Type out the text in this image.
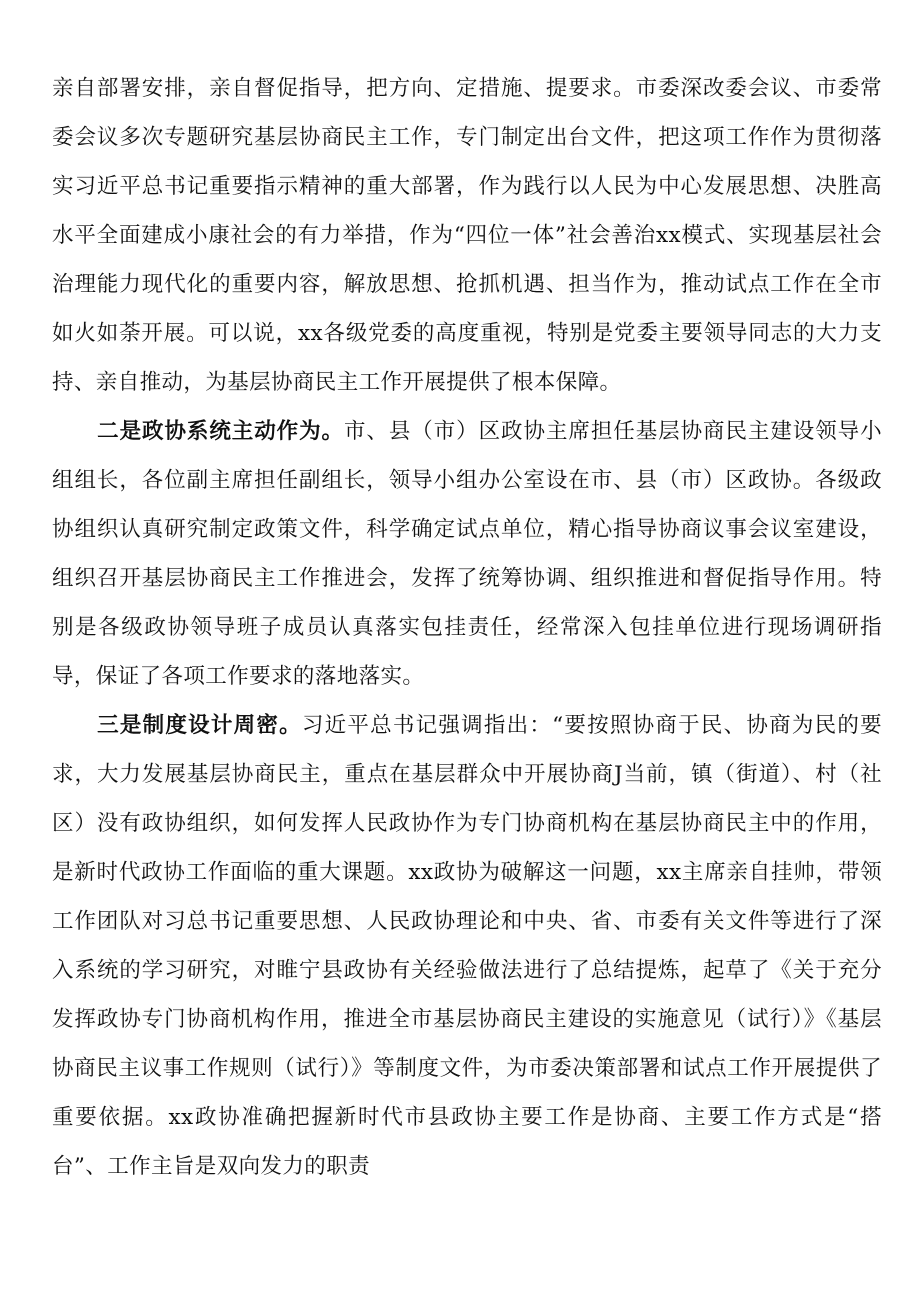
亲自部署安排，亲自督促指导，把方向、定措施、提要求。市委深改委会议、市委常委会议多次专题研究基层协商民主工作，专门制定出台文件，把这项工作作为贯彻落实习近平总书记重要指示精神的重大部署，作为践行以人民为中心发展思想、决胜高水平全面建成小康社会的有力举措，作为“四位一体”社会善治xx模式、实现基层社会治理能力现代化的重要内容，解放思想、抢抓机遇、担当作为，推动试点工作在全市如火如荼开展。可以说，xx各级党委的高度重视，特别是党委主要领导同志的大力支持、亲自推动，为基层协商民主工作开展提供了根本保障。

二是政协系统主动作为。市、县（市）区政协主席担任基层协商民主建设领导小组组长，各位副主席担任副组长，领导小组办公室设在市、县（市）区政协。各级政协组织认真研究制定政策文件，科学确定试点单位，精心指导协商议事会议室建设，组织召开基层协商民主工作推进会，发挥了统筹协调、组织推进和督促指导作用。特别是各级政协领导班子成员认真落实包挂责任，经常深入包挂单位进行现场调研指导，保证了各项工作要求的落地落实。

三是制度设计周密。习近平总书记强调指出：“要按照协商于民、协商为民的要求，大力发展基层协商民主，重点在基层群众中开展协商J当前，镇（街道）、村（社区）没有政协组织，如何发挥人民政协作为专门协商机构在基层协商民主中的作用，是新时代政协工作面临的重大课题。xx政协为破解这一问题，xx主席亲自挂帅，带领工作团队对习总书记重要思想、人民政协理论和中央、省、市委有关文件等进行了深入系统的学习研究，对睢宁县政协有关经验做法进行了总结提炼，起草了《关于充分发挥政协专门协商机构作用，推进全市基层协商民主建设的实施意见（试行）》《基层协商民主议事工作规则（试行）》等制度文件，为市委决策部署和试点工作开展提供了重要依据。xx政协准确把握新时代市县政协主要工作是协商、主要工作方式是“搭台”、工作主旨是双向发力的职责
